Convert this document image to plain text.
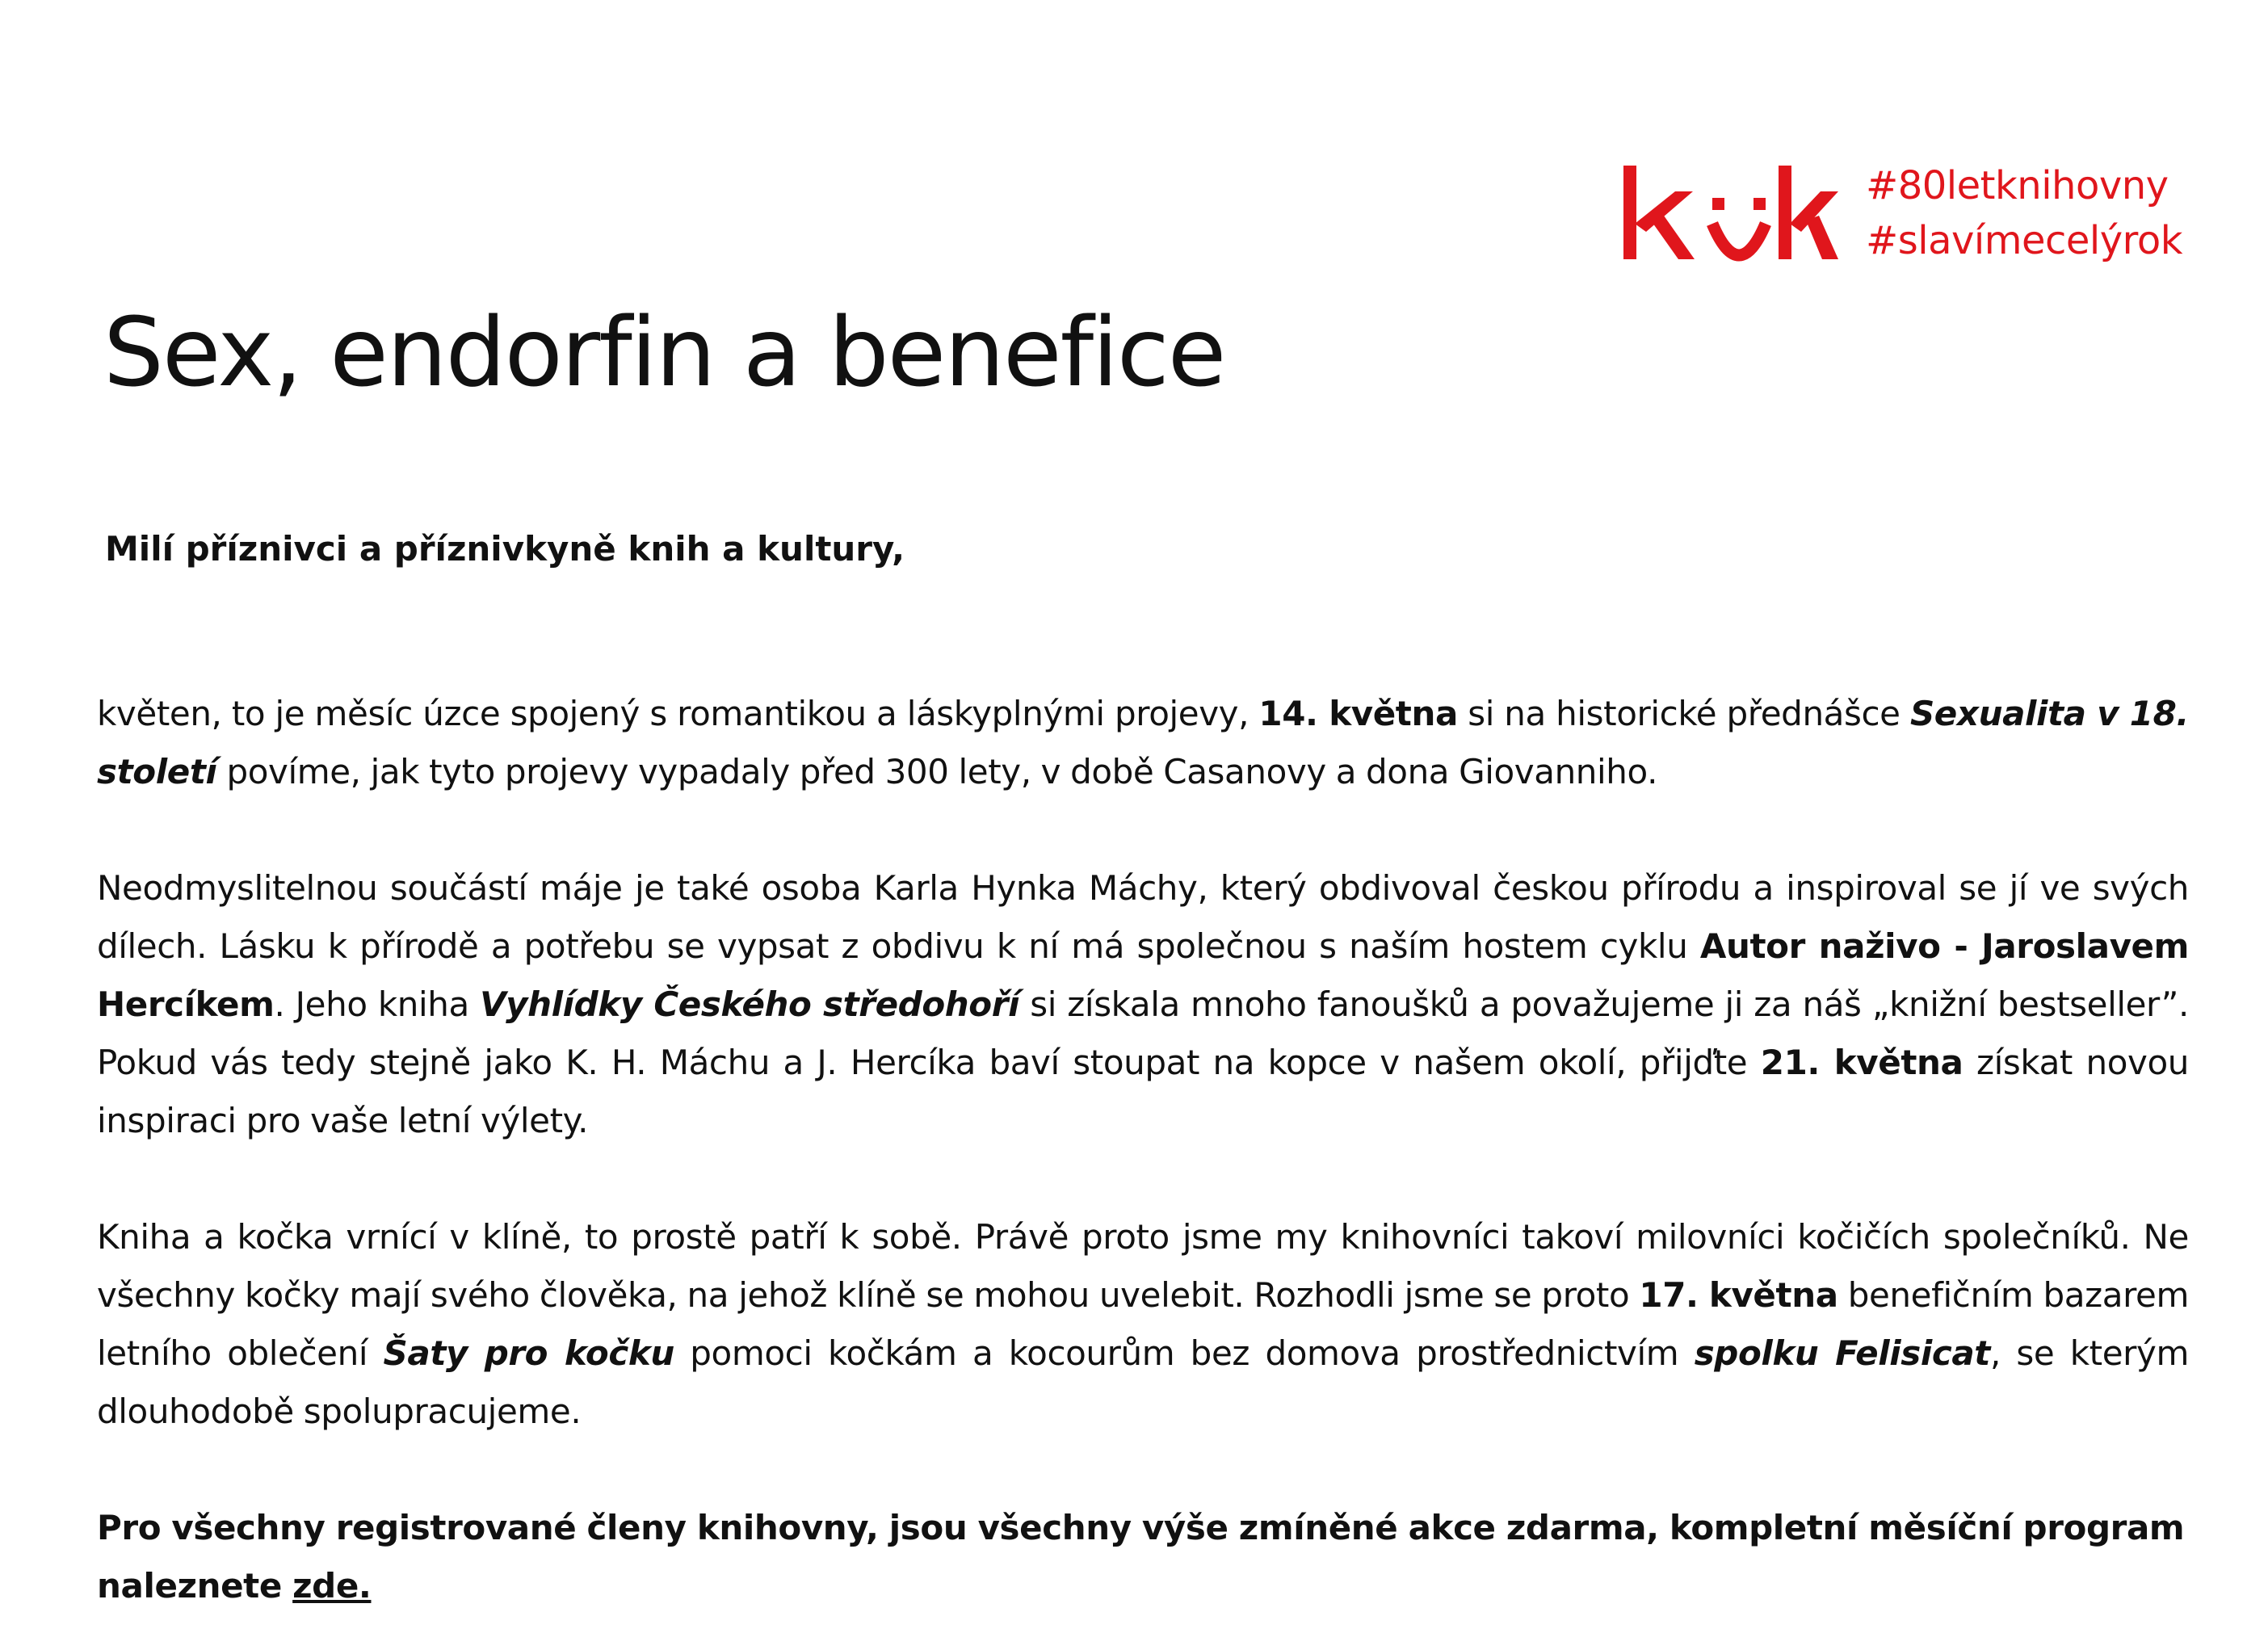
#80letknihovny
#slavímecelýrok
Sex, endorfin a benefice

Milí příznivci a příznivkyně knih a kultury,

květen, to je měsíc úzce spojený s romantikou a láskyplnými projevy, 14. května si na historické přednášce Sexualita v 18. století povíme, jak tyto projevy vypadaly před 300 lety, v době Casanovy a dona Giovanniho.

Neodmyslitelnou součástí máje je také osoba Karla Hynka Máchy, který obdivoval českou přírodu a inspiroval se jí ve svých dílech. Lásku k přírodě a potřebu se vypsat z obdivu k ní má společnou s naším hostem cyklu Autor naživo - Jaroslavem Hercíkem. Jeho kniha Vyhlídky Českého středohoří si získala mnoho fanoušků a považujeme ji za náš „knižní bestseller”. Pokud vás tedy stejně jako K. H. Máchu a J. Hercíka baví stoupat na kopce v našem okolí, přijďte 21. května získat novou inspiraci pro vaše letní výlety.

Kniha a kočka vrnící v klíně, to prostě patří k sobě. Právě proto jsme my knihovníci takoví milovníci kočičích společníků. Ne všechny kočky mají svého člověka, na jehož klíně se mohou uvelebit. Rozhodli jsme se proto 17. května benefičním bazarem letního oblečení Šaty pro kočku pomoci kočkám a kocourům bez domova prostřednictvím spolku Felisicat, se kterým dlouhodobě spolupracujeme.

Pro všechny registrované členy knihovny, jsou všechny výše zmíněné akce zdarma, kompletní měsíční program naleznete zde.
